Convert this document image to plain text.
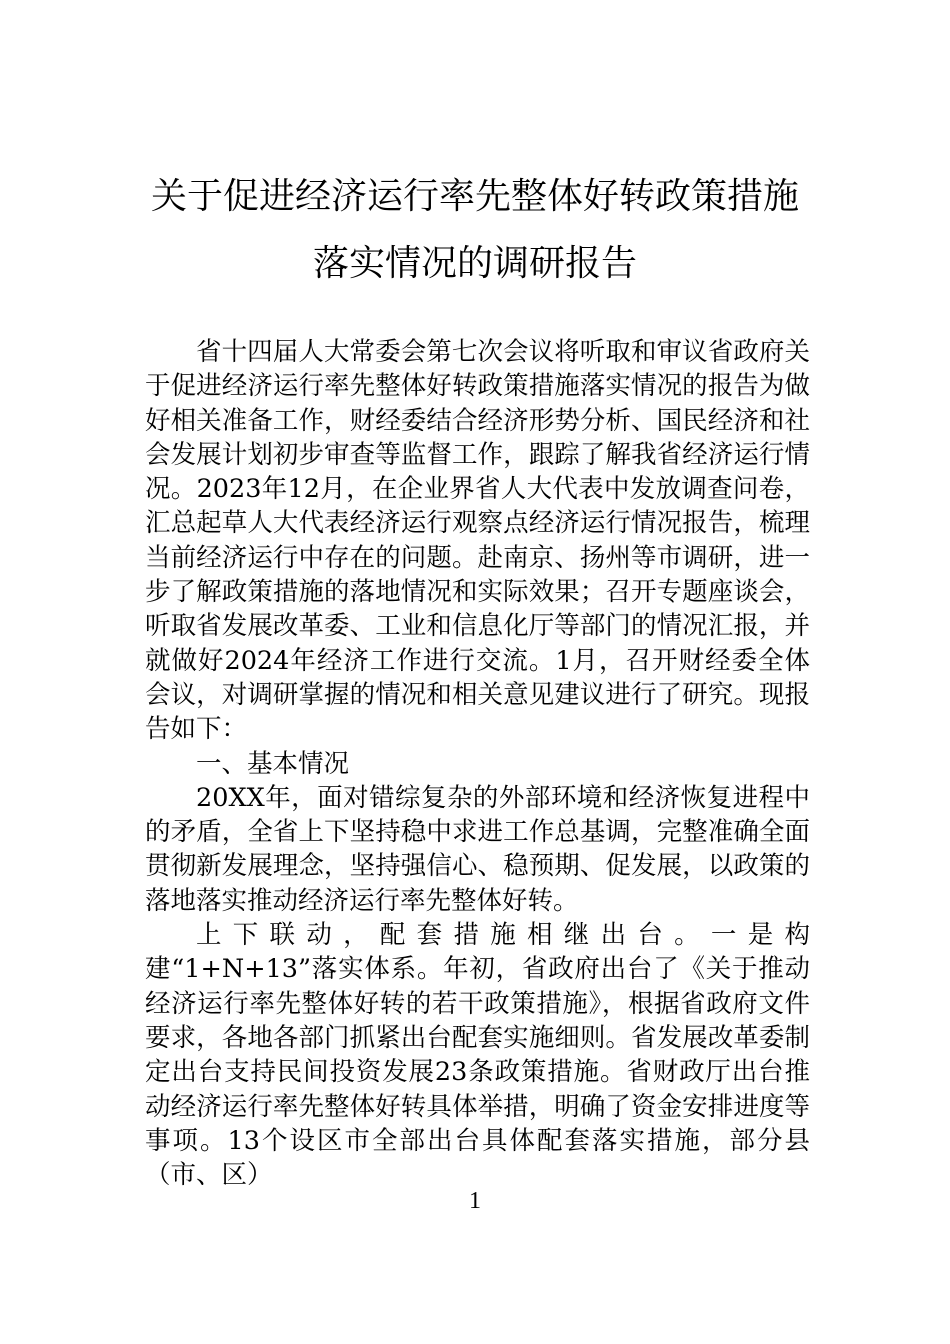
关于促进经济运行率先整体好转政策措施
落实情况的调研报告

省十四届人大常委会第七次会议将听取和审议省政府关于促进经济运行率先整体好转政策措施落实情况的报告为做好相关准备工作，财经委结合经济形势分析、国民经济和社会发展计划初步审查等监督工作，跟踪了解我省经济运行情况。2023年12月，在企业界省人大代表中发放调查问卷，汇总起草人大代表经济运行观察点经济运行情况报告，梳理当前经济运行中存在的问题。赴南京、扬州等市调研，进一步了解政策措施的落地情况和实际效果；召开专题座谈会，听取省发展改革委、工业和信息化厅等部门的情况汇报，并就做好2024年经济工作进行交流。1月，召开财经委全体会议，对调研掌握的情况和相关意见建议进行了研究。现报告如下：

一、基本情况

20XX年，面对错综复杂的外部环境和经济恢复进程中的矛盾，全省上下坚持稳中求进工作总基调，完整准确全面贯彻新发展理念，坚持强信心、稳预期、促发展，以政策的落地落实推动经济运行率先整体好转。

上下联动，配套措施相继出台。一是构建“1+N+13”落实体系。年初，省政府出台了《关于推动经济运行率先整体好转的若干政策措施》，根据省政府文件要求，各地各部门抓紧出台配套实施细则。省发展改革委制定出台支持民间投资发展23条政策措施。省财政厅出台推动经济运行率先整体好转具体举措，明确了资金安排进度等事项。13个设区市全部出台具体配套落实措施，部分县（市、区）

1
